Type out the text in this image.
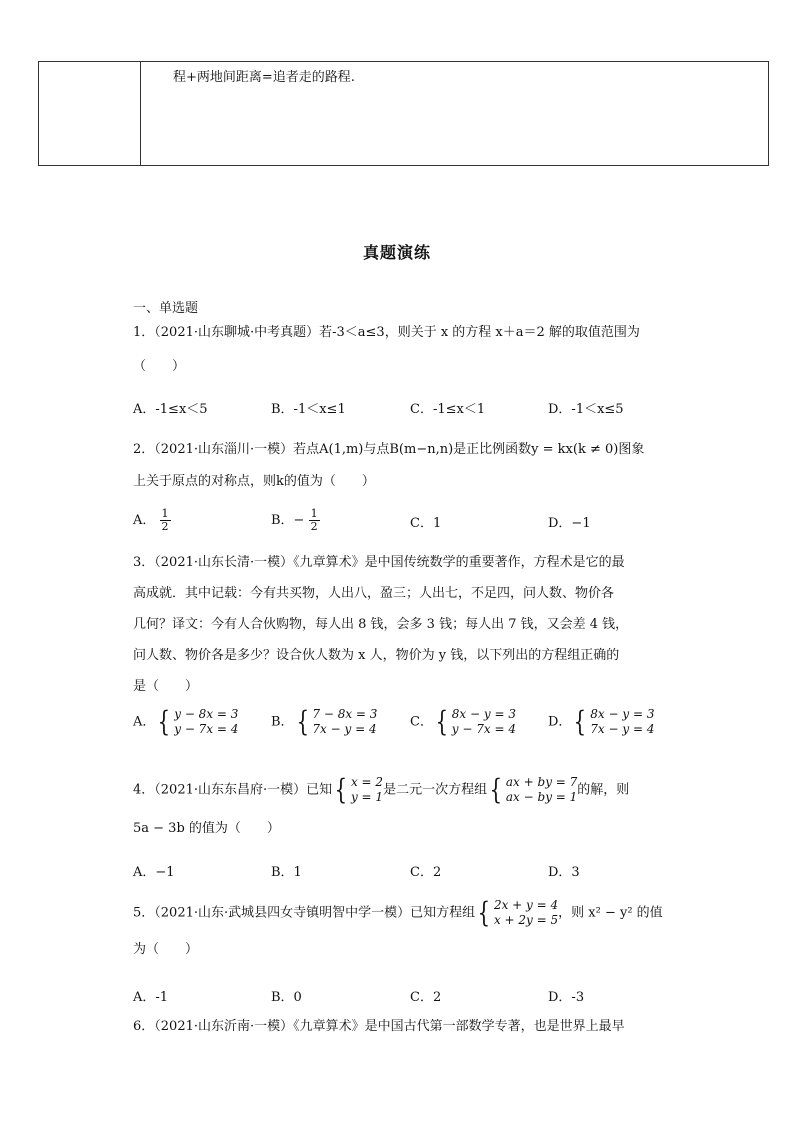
程+两地间距离=追者走的路程.
真题演练
一、单选题
1．（2021·山东聊城·中考真题）若-3＜a≤3，则关于 x 的方程 x＋a＝2 解的取值范围为
（　　）
A．-1≤x＜5	B．-1＜x≤1	C．-1≤x＜1	D．-1＜x≤5
2．（2021·山东淄川·一模）若点A(1,m)与点B(m−n,n)是正比例函数y = kx(k ≠ 0)图象
上关于原点的对称点，则k的值为（　　）
A． $\frac{1}{2}$	B．− $\frac{1}{2}$	C．1	D．−1
3．（2021·山东长清·一模）《九章算术》是中国传统数学的重要著作，方程术是它的最
高成就．其中记载：今有共买物，人出八，盈三；人出七，不足四，问人数、物价各
几何？译文：今有人合伙购物，每人出 8 钱，会多 3 钱；每人出 7 钱，又会差 4 钱，
问人数、物价各是多少？设合伙人数为 x 人，物价为 y 钱，以下列出的方程组正确的
是（　　）
A． { y − 8x = 3
y − 7x = 4	B． { 7 − 8x = 3
7x − y = 4	C． { 8x − y = 3
y − 7x = 4 D． { 8x − y = 3
7x − y = 4
4．（2021·山东东昌府·一模）已知 { x = 2
y = 1 是二元一次方程组 { ax + by = 7
ax − by = 1 的解，则
5a − 3b 的值为（　　）
A．−1	B．1	C．2	D．3
5．（2021·山东·武城县四女寺镇明智中学一模）已知方程组 { 2x + y = 4
x + 2y = 5 ，则 x² − y² 的值
为（　　）
A．-1	B．0	C．2	D．-3
6．（2021·山东沂南·一模）《九章算术》是中国古代第一部数学专著，也是世界上最早
